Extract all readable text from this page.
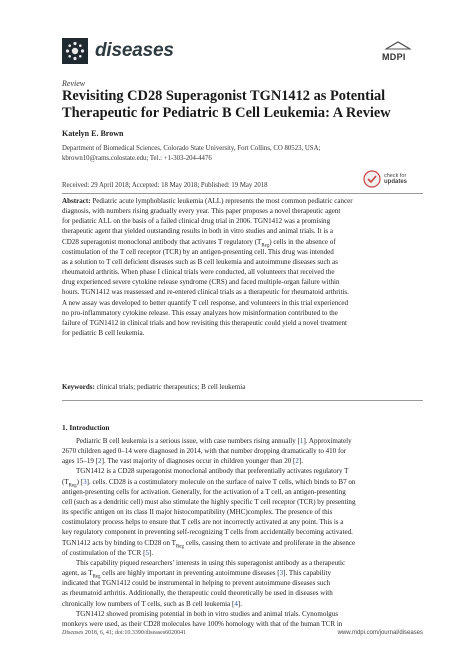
diseases	MDPI
Review
Revisiting CD28 Superagonist TGN1412 as Potential
Therapeutic for Pediatric B Cell Leukemia: A Review
Katelyn E. Brown
Department of Biomedical Sciences, Colorado State University, Fort Collins, CO 80523, USA;
kbrown10@rams.colostate.edu; Tel.: +1-303-204-4476
check for
updates
Received: 29 April 2018; Accepted: 18 May 2018; Published: 19 May 2018
Abstract: Pediatric acute lymphoblastic leukemia (ALL) represents the most common pediatric cancer
diagnosis, with numbers rising gradually every year. This paper proposes a novel therapeutic agent
for pediatric ALL on the basis of a failed clinical drug trial in 2006. TGN1412 was a promising
therapeutic agent that yielded outstanding results in both in vitro studies and animal trials. It is a
CD28 superagonist monoclonal antibody that activates T regulatory $(T_{Reg})$ cells in the absence of
costimulation of the T cell receptor (TCR) by an antigen-presenting cell. This drug was intended
as a solution to T cell deficient diseases such as B cell leukemia and autoimmune diseases such as
rheumatoid arthritis. When phase I clinical trials were conducted, all volunteers that received the
drug experienced severe cytokine release syndrome (CRS) and faced multiple-organ failure within
hours. TGN1412 was reassessed and re-entered clinical trials as a therapeutic for rheumatoid arthritis.
A new assay was developed to better quantify T cell response, and volunteers in this trial experienced
no pro-inflammatory cytokine release. This essay analyzes how misinformation contributed to the
failure of TGN1412 in clinical trials and how revisiting this therapeutic could yield a novel treatment
for pediatric B cell leukemia.
Keywords: clinical trials; pediatric therapeutics; B cell leukemia
1. Introduction
Pediatric B cell leukemia is a serious issue, with case numbers rising annually [1]. Approximately
2670 children aged 0–14 were diagnosed in 2014, with that number dropping dramatically to 410 for
ages 15–19 [2]. The vast majority of diagnoses occur in children younger than 20 [2].
TGN1412 is a CD28 superagonist monoclonal antibody that preferentially activates regulatory T
$(T_{Reg})$ [3]. cells. CD28 is a costimulatory molecule on the surface of naive T cells, which binds to B7 on
antigen-presenting cells for activation. Generally, for the activation of a T cell, an antigen-presenting
cell (such as a dendritic cell) must also stimulate the highly specific T cell receptor (TCR) by presenting
its specific antigen on its class II major histocompatibility (MHC)complex. The presence of this
costimulatory process helps to ensure that T cells are not incorrectly activated at any point. This is a
key regulatory component in preventing self-recognizing T cells from accidentally becoming activated.
TGN1412 acts by binding to CD28 on $T_{Reg}$ cells, causing them to activate and proliferate in the absence
of costimulation of the TCR [5].
This capability piqued researchers’ interests in using this superagonist antibody as a therapeutic
agent, as $T_{Reg}$ cells are highly important in preventing autoimmune diseases [3]. This capability
indicated that TGN1412 could be instrumental in helping to prevent autoimmune diseases such
as rheumatoid arthritis. Additionally, the therapeutic could theoretically be used in diseases with
chronically low numbers of T cells, such as B cell leukemia [4].
TGN1412 showed promising potential in both in vitro studies and animal trials. Cynomolgus
monkeys were used, as their CD28 molecules have 100% homology with that of the human TCR in
Diseases 2018, 6, 41; doi:10.3390/diseases6020041	www.mdpi.com/journal/diseases
